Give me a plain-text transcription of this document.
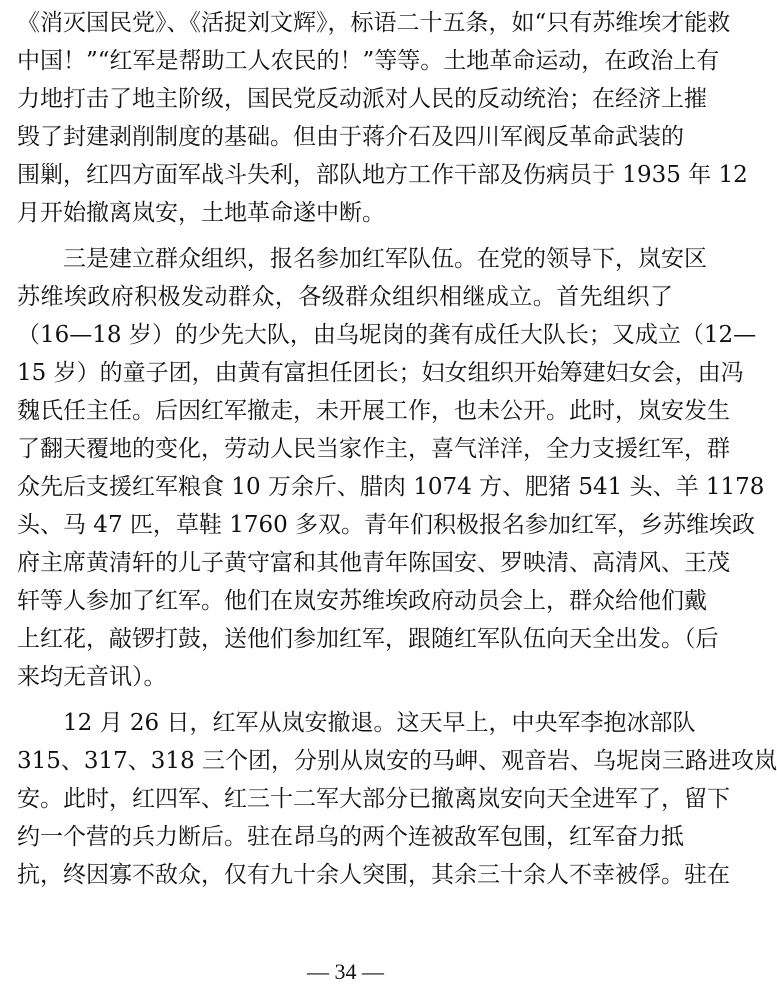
《消灭国民党》、《活捉刘文辉》，标语二十五条，如“只有苏维埃才能救
中国！”“红军是帮助工人农民的！”等等。土地革命运动，在政治上有
力地打击了地主阶级，国民党反动派对人民的反动统治；在经济上摧
毁了封建剥削制度的基础。但由于蒋介石及四川军阀反革命武装的
围剿，红四方面军战斗失利，部队地方工作干部及伤病员于 1935 年 12
月开始撤离岚安，土地革命遂中断。
三是建立群众组织，报名参加红军队伍。在党的领导下，岚安区
苏维埃政府积极发动群众，各级群众组织相继成立。首先组织了
（16—18 岁）的少先大队，由乌坭岗的龚有成任大队长；又成立（12—
15 岁）的童子团，由黄有富担任团长；妇女组织开始筹建妇女会，由冯
魏氏任主任。后因红军撤走，未开展工作，也未公开。此时，岚安发生
了翻天覆地的变化，劳动人民当家作主，喜气洋洋，全力支援红军，群
众先后支援红军粮食 10 万余斤、腊肉 1074 方、肥猪 541 头、羊 1178
头、马 47 匹，草鞋 1760 多双。青年们积极报名参加红军，乡苏维埃政
府主席黄清轩的儿子黄守富和其他青年陈国安、罗映清、高清风、王茂
轩等人参加了红军。他们在岚安苏维埃政府动员会上，群众给他们戴
上红花，敲锣打鼓，送他们参加红军，跟随红军队伍向天全出发。（后
来均无音讯）。
12 月 26 日，红军从岚安撤退。这天早上，中央军李抱冰部队
315、317、318 三个团，分别从岚安的马岬、观音岩、乌坭岗三路进攻岚
安。此时，红四军、红三十二军大部分已撤离岚安向天全进军了，留下
约一个营的兵力断后。驻在昂乌的两个连被敌军包围，红军奋力抵
抗，终因寡不敌众，仅有九十余人突围，其余三十余人不幸被俘。驻在
— 34 —
